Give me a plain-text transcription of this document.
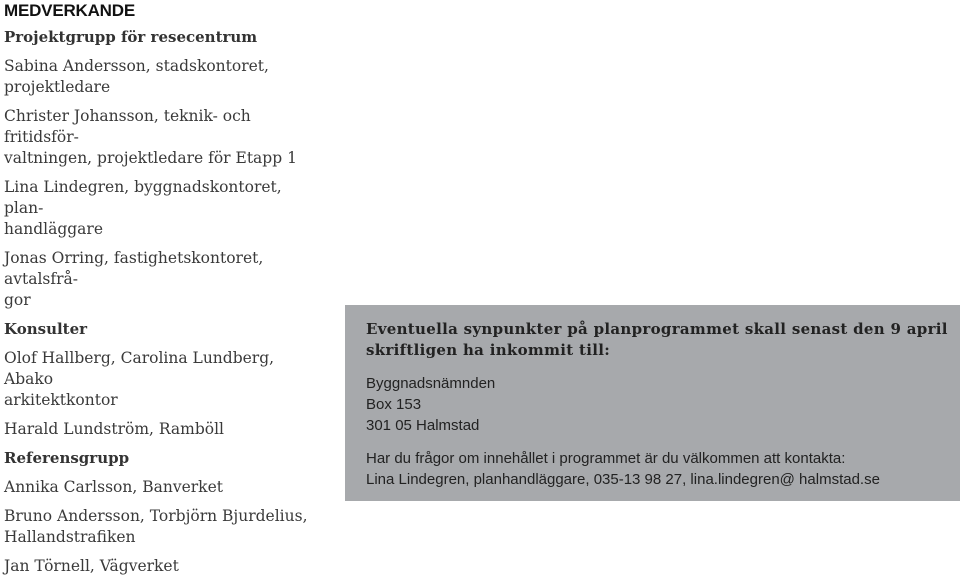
MEDVERKANDE
Projektgrupp för resecentrum
Sabina Andersson, stadskontoret,
projektledare
Christer Johansson, teknik- och fritidsför-
valtningen, projektledare för Etapp 1
Lina Lindegren, byggnadskontoret, plan-
handläggare
Jonas Orring, fastighetskontoret, avtalsfrå-
gor
Konsulter
Olof Hallberg, Carolina Lundberg, Abako
arkitektkontor
Harald Lundström, Ramböll
Referensgrupp
Annika Carlsson, Banverket
Bruno Andersson, Torbjörn Bjurdelius,
Hallandstrafiken
Jan Törnell, Vägverket
Eventuella synpunkter på planprogrammet skall senast den 9 april
skriftligen ha inkommit till:
Byggnadsnämnden
Box 153
301 05 Halmstad
Har du frågor om innehållet i programmet är du välkommen att kontakta:
Lina Lindegren, planhandläggare, 035-13 98 27, lina.lindegren@ halmstad.se
